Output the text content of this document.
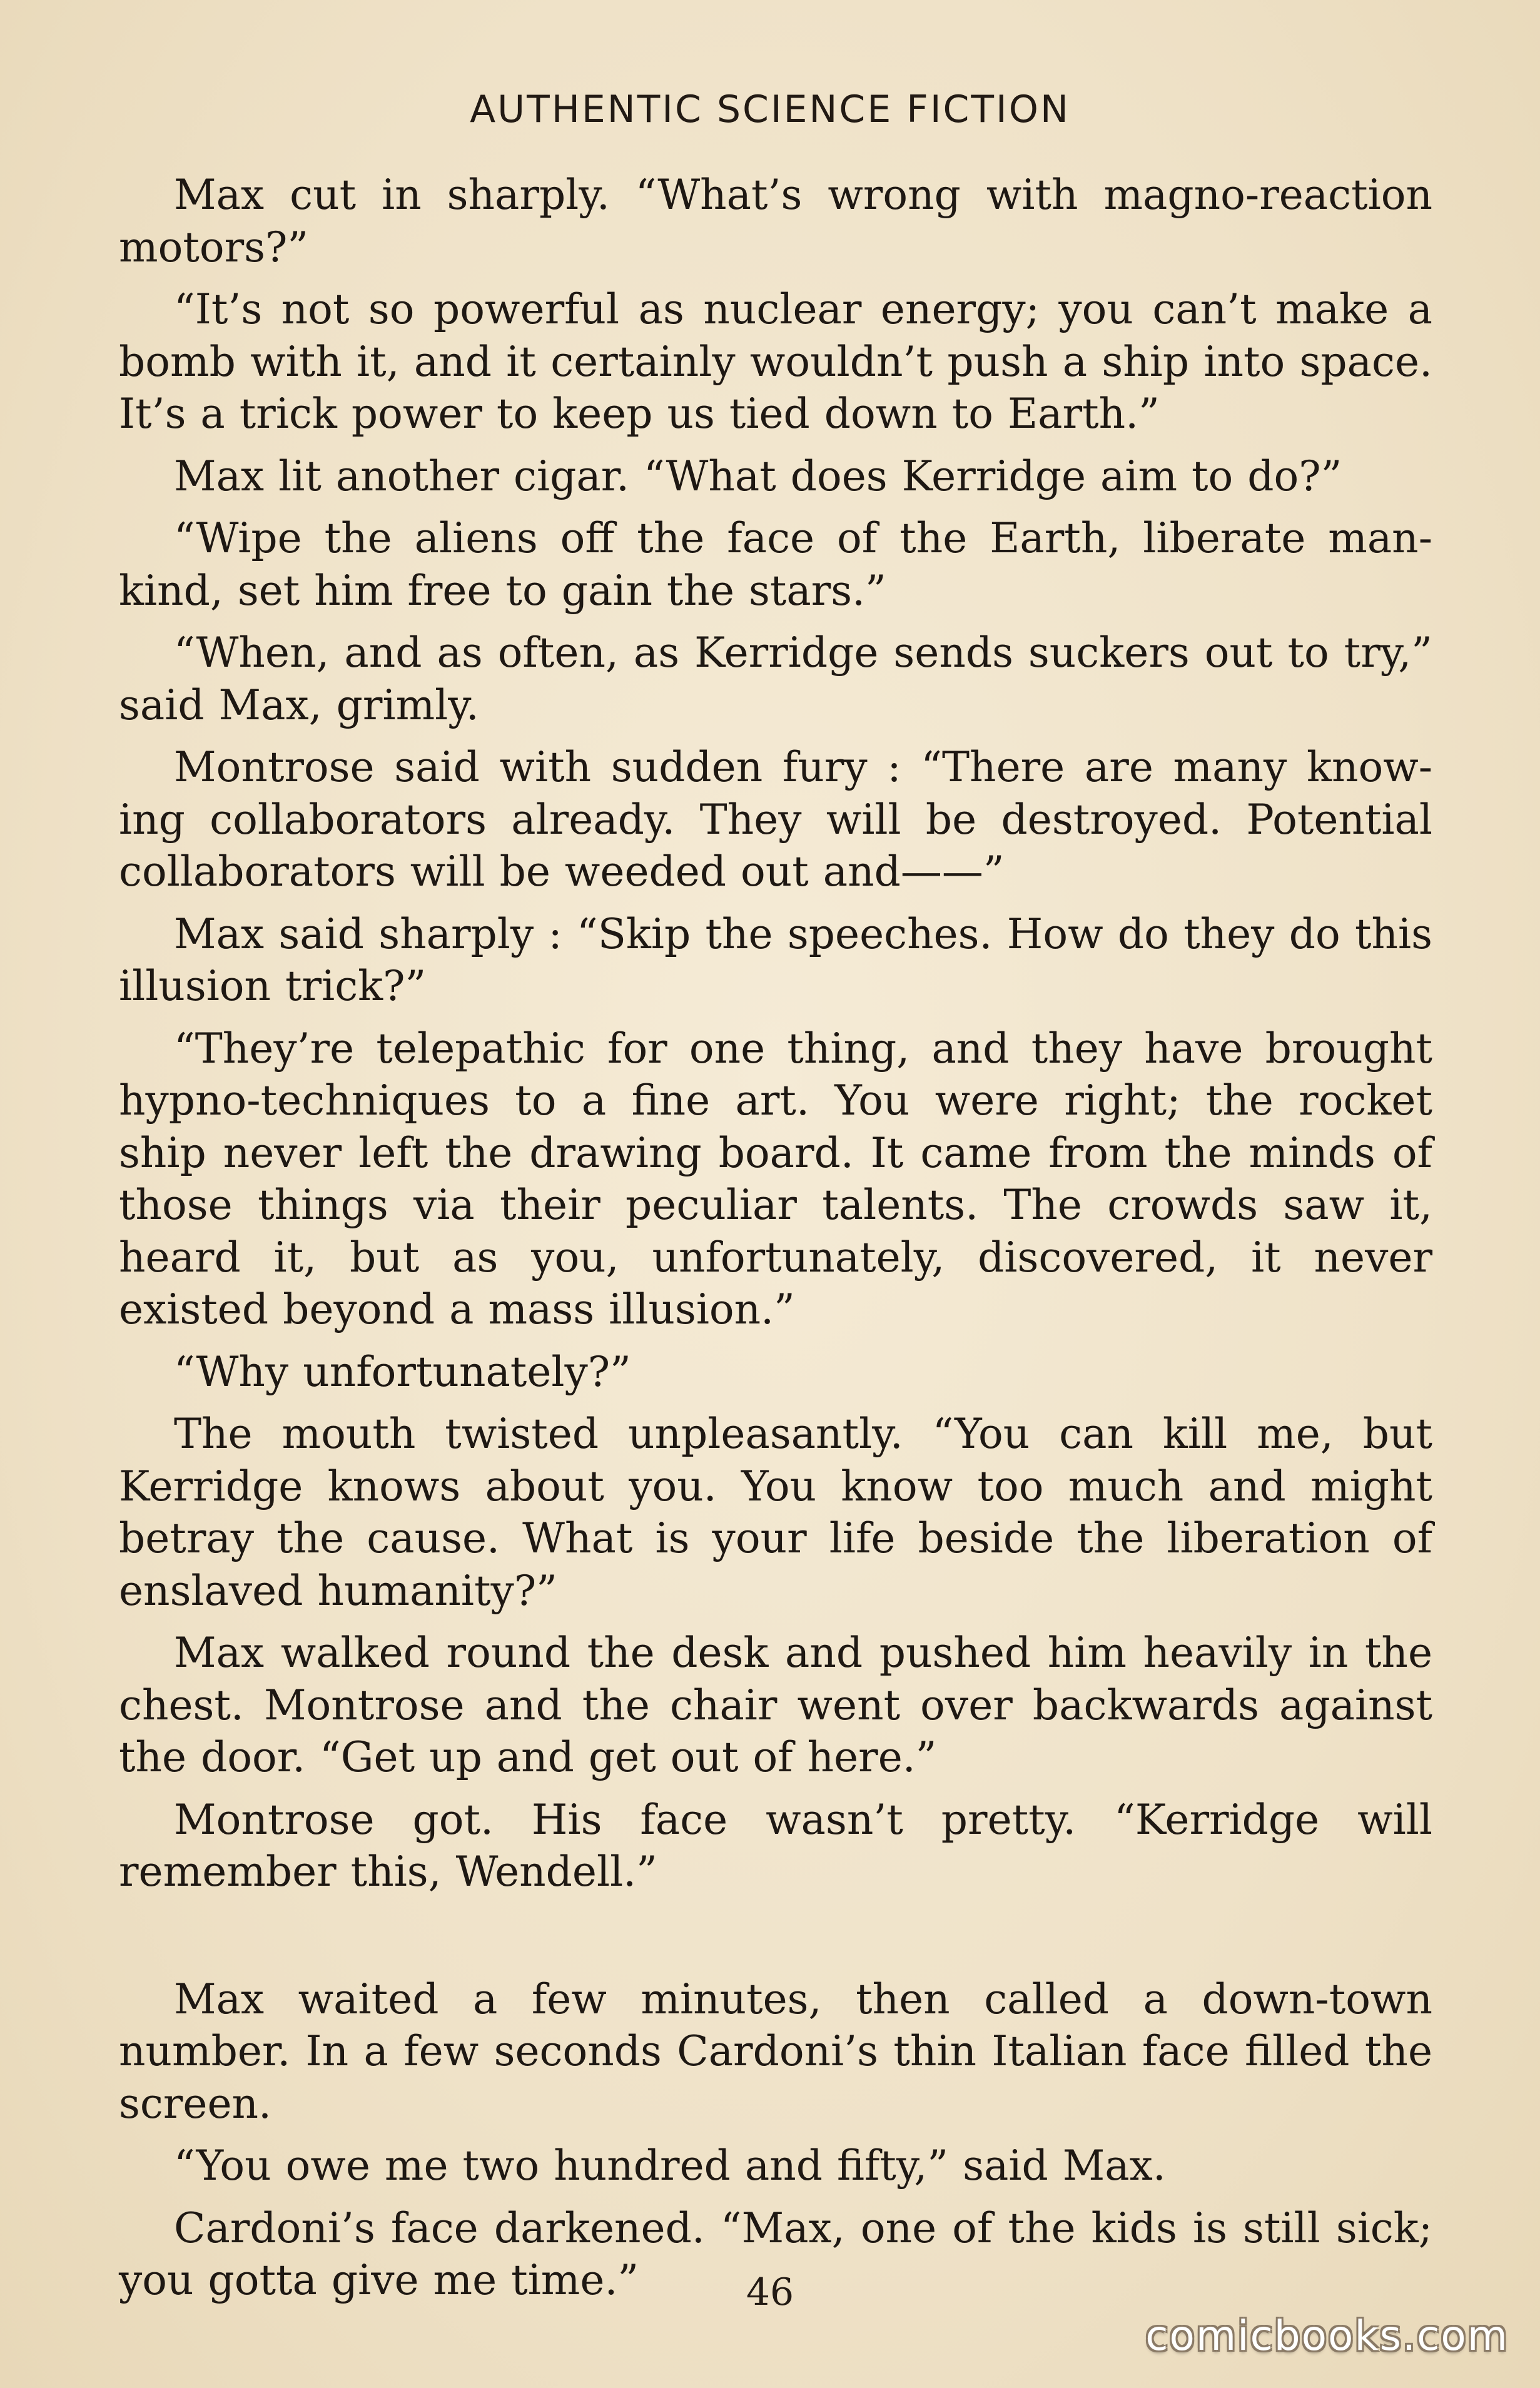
AUTHENTIC SCIENCE FICTION

Max cut in sharply. “What’s wrong with magno-reaction motors?”

“It’s not so powerful as nuclear energy; you can’t make a bomb with it, and it certainly wouldn’t push a ship into space. It’s a trick power to keep us tied down to Earth.”

Max lit another cigar. “What does Kerridge aim to do?”

“Wipe the aliens off the face of the Earth, liberate man-kind, set him free to gain the stars.”

“When, and as often, as Kerridge sends suckers out to try,” said Max, grimly.

Montrose said with sudden fury : “There are many know-ing collaborators already. They will be destroyed. Potential collaborators will be weeded out and——”

Max said sharply : “Skip the speeches. How do they do this illusion trick?”

“They’re telepathic for one thing, and they have brought hypno-techniques to a fine art. You were right; the rocket ship never left the drawing board. It came from the minds of those things via their peculiar talents. The crowds saw it, heard it, but as you, unfortunately, discovered, it never existed beyond a mass illusion.”

“Why unfortunately?”

The mouth twisted unpleasantly. “You can kill me, but Kerridge knows about you. You know too much and might betray the cause. What is your life beside the liberation of enslaved humanity?”

Max walked round the desk and pushed him heavily in the chest. Montrose and the chair went over backwards against the door. “Get up and get out of here.”

Montrose got. His face wasn’t pretty. “Kerridge will remember this, Wendell.”

Max waited a few minutes, then called a down-town number. In a few seconds Cardoni’s thin Italian face filled the screen.

“You owe me two hundred and fifty,” said Max.

Cardoni’s face darkened. “Max, one of the kids is still sick; you gotta give me time.”	46
comicbooks.com
